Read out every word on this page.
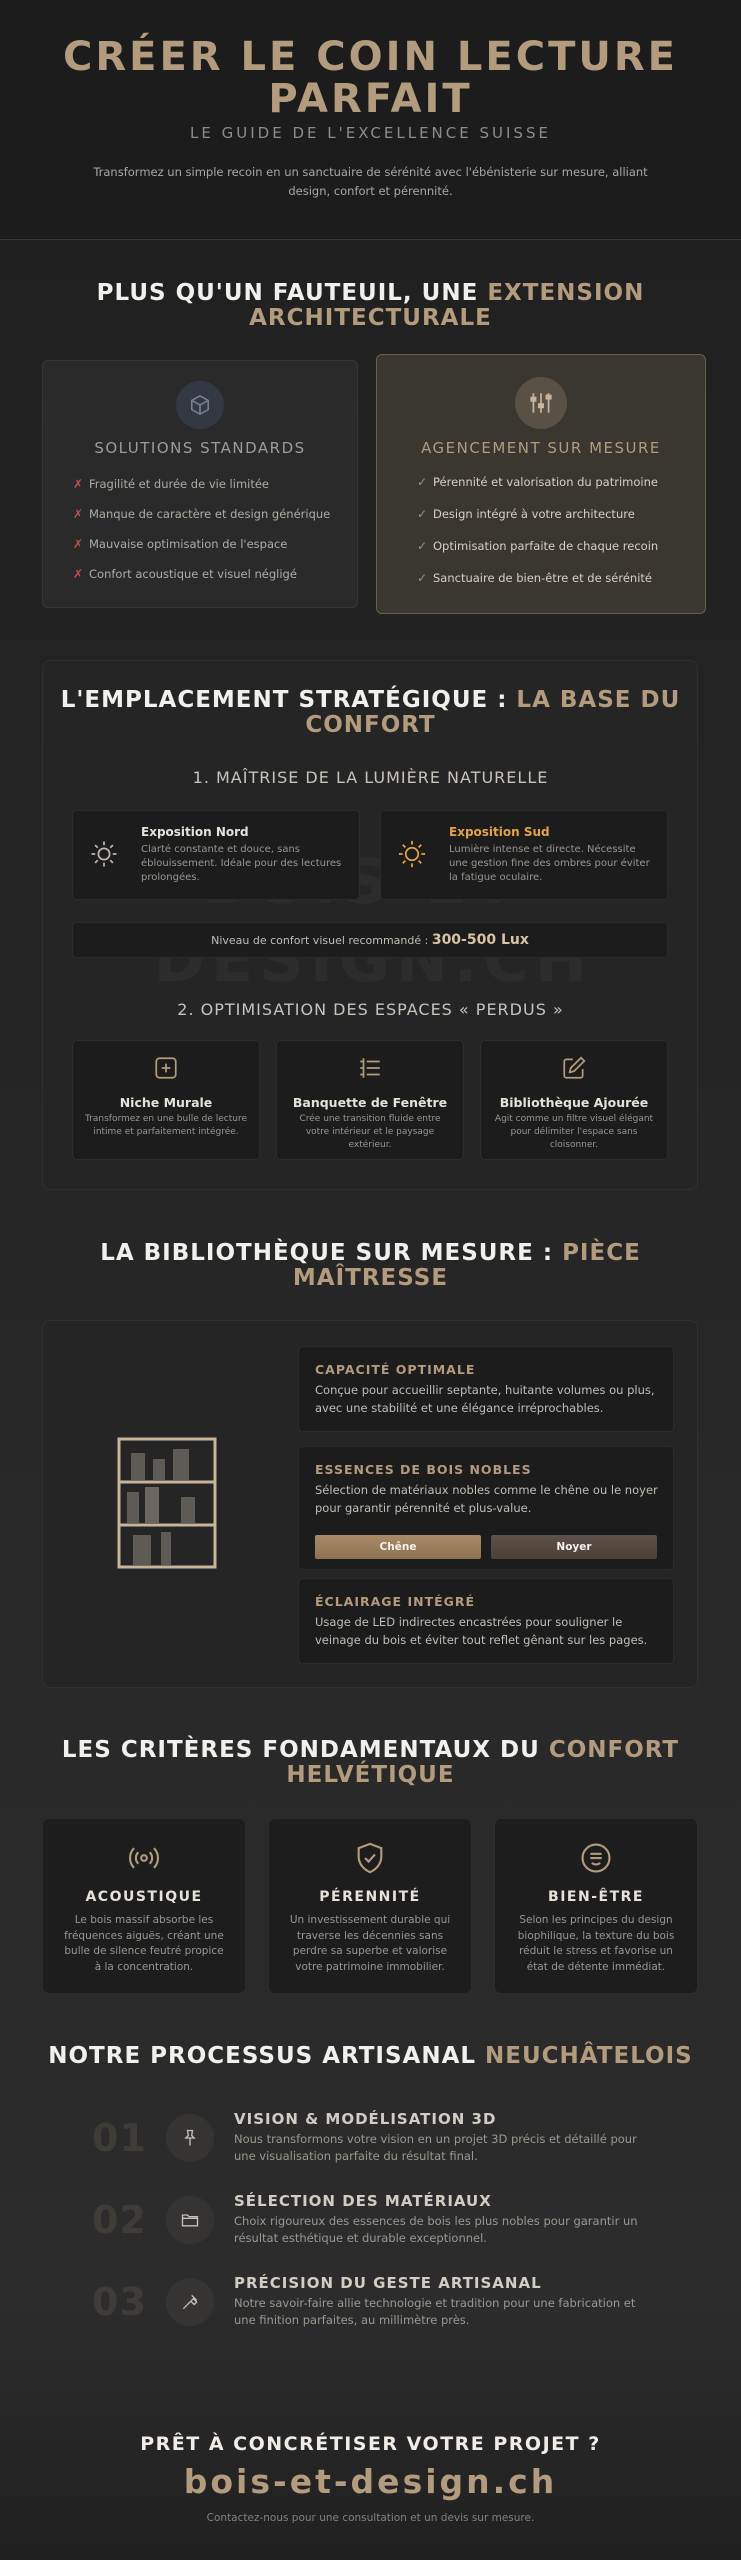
CRÉER LE COIN LECTURE PARFAIT
LE GUIDE DE L'EXCELLENCE SUISSE

Transformez un simple recoin en un sanctuaire de sérénité avec l'ébénisterie sur mesure, alliant design, confort et pérennité.

PLUS QU'UN FAUTEUIL, UNE EXTENSION ARCHITECTURALE
SOLUTIONS STANDARDS
✗ Fragilité et durée de vie limitée
✗ Manque de caractère et design générique
✗ Mauvaise optimisation de l'espace
✗ Confort acoustique et visuel négligé
AGENCEMENT SUR MESURE
✓ Pérennité et valorisation du patrimoine
✓ Design intégré à votre architecture
✓ Optimisation parfaite de chaque recoin
✓ Sanctuaire de bien-être et de sérénité
L'EMPLACEMENT STRATÉGIQUE : LA BASE DU CONFORT
1. MAÎTRISE DE LA LUMIÈRE NATURELLE
Exposition Nord
Clarté constante et douce, sans éblouissement. Idéale pour des lectures prolongées.
Exposition Sud
Lumière intense et directe. Nécessite une gestion fine des ombres pour éviter la fatigue oculaire.
Niveau de confort visuel recommandé : 300-500 Lux
2. OPTIMISATION DES ESPACES « PERDUS »
Niche Murale
Transformez en une bulle de lecture intime et parfaitement intégrée.
Banquette de Fenêtre
Crée une transition fluide entre votre intérieur et le paysage extérieur.
Bibliothèque Ajourée
Agit comme un filtre visuel élégant pour délimiter l'espace sans cloisonner.
LA BIBLIOTHÈQUE SUR MESURE : PIÈCE MAÎTRESSE
CAPACITÉ OPTIMALE
Conçue pour accueillir septante, huitante volumes ou plus, avec une stabilité et une élégance irréprochables.
ESSENCES DE BOIS NOBLES
Sélection de matériaux nobles comme le chêne ou le noyer pour garantir pérennité et plus-value.
Chêne	Noyer
ÉCLAIRAGE INTÉGRÉ
Usage de LED indirectes encastrées pour souligner le veinage du bois et éviter tout reflet gênant sur les pages.
LES CRITÈRES FONDAMENTAUX DU CONFORT HELVÉTIQUE
ACOUSTIQUE
Le bois massif absorbe les fréquences aiguës, créant une bulle de silence feutré propice à la concentration.
PÉRENNITÉ
Un investissement durable qui traverse les décennies sans perdre sa superbe et valorise votre patrimoine immobilier.
BIEN-ÊTRE
Selon les principes du design biophilique, la texture du bois réduit le stress et favorise un état de détente immédiat.
NOTRE PROCESSUS ARTISANAL NEUCHÂTELOIS
01	VISION & MODÉLISATION 3D
Nous transformons votre vision en un projet 3D précis et détaillé pour une visualisation parfaite du résultat final.
02	SÉLECTION DES MATÉRIAUX
Choix rigoureux des essences de bois les plus nobles pour garantir un résultat esthétique et durable exceptionnel.
03	PRÉCISION DU GESTE ARTISANAL
Notre savoir-faire allie technologie et tradition pour une fabrication et une finition parfaites, au millimètre près.
PRÊT À CONCRÉTISER VOTRE PROJET ?
bois-et-design.ch
Contactez-nous pour une consultation et un devis sur mesure.
